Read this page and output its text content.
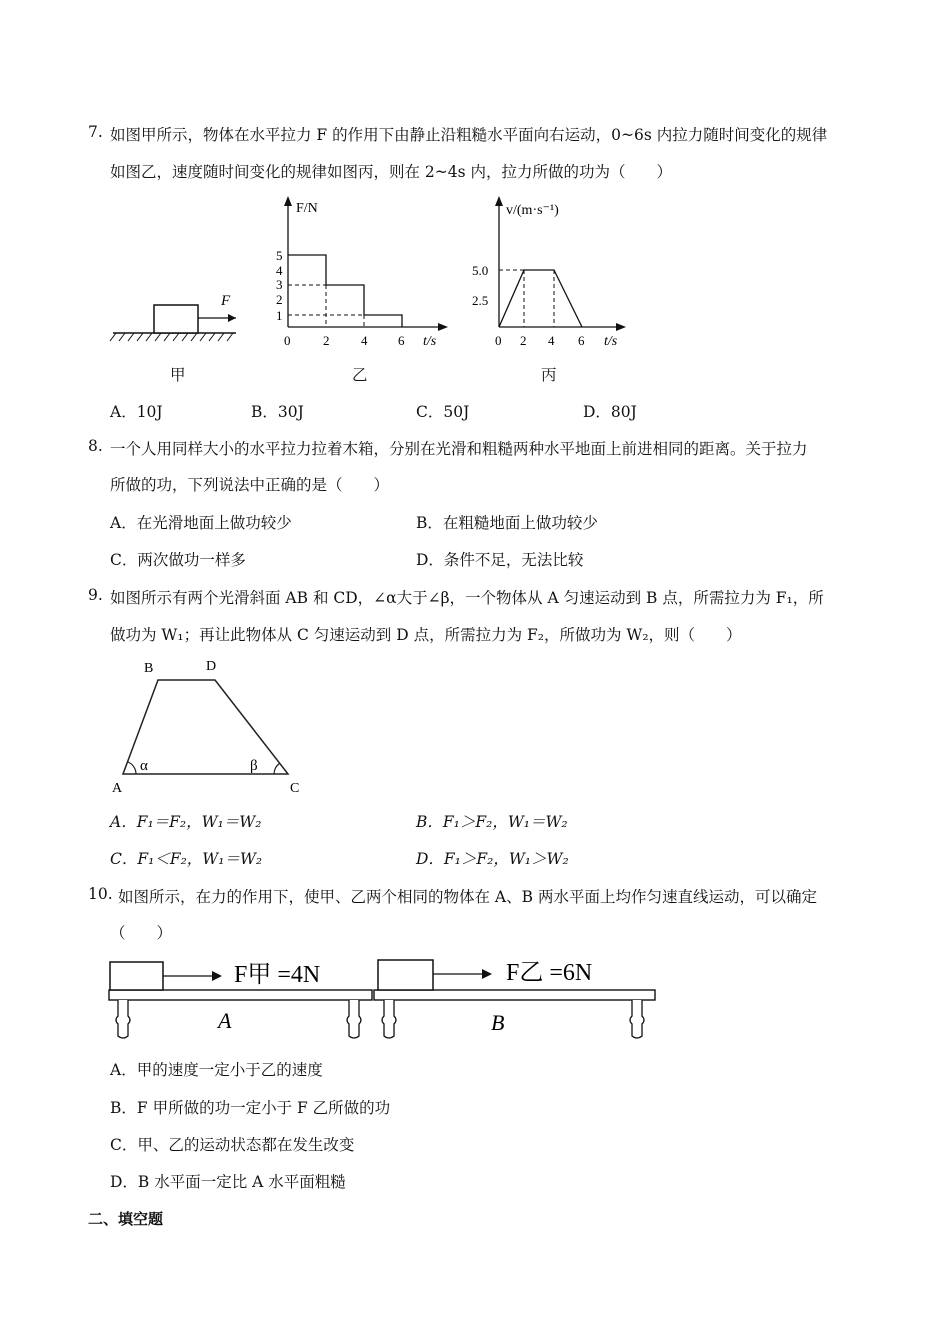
7. 如图甲所示，物体在水平拉力 F 的作用下由静止沿粗糙水平面向右运动，0~6s 内拉力随时间变化的规律
如图乙，速度随时间变化的规律如图丙，则在 2~4s 内，拉力所做的功为（　　）
F
甲
F/N
t/s
5
4
3
2
1
0	2 4 6
乙
v/(m·s⁻¹)
t/s
5.0
2.5
0 2 4 6
丙
A．10J	B．30J	C．50J	D．80J
8. 一个人用同样大小的水平拉力拉着木箱，分别在光滑和粗糙两种水平地面上前进相同的距离。关于拉力
所做的功，下列说法中正确的是（　　）
A．在光滑地面上做功较少	B．在粗糙地面上做功较少
C．两次做功一样多	D．条件不足，无法比较
9. 如图所示有两个光滑斜面 AB 和 CD，∠α大于∠β，一个物体从 A 匀速运动到 B 点，所需拉力为 F₁，所
做功为 W₁；再让此物体从 C 匀速运动到 D 点，所需拉力为 F₂，所做功为 W₂，则（　　）
B	D
A	C
α	β
A．F₁＝F₂，W₁＝W₂	B．F₁＞F₂，W₁＝W₂
C．F₁＜F₂，W₁＝W₂	D．F₁＞F₂，W₁＞W₂
10. 如图所示，在力的作用下，使甲、乙两个相同的物体在 A、B 两水平面上均作匀速直线运动，可以确定
（　　）
F甲 =4N
A
F乙 =6N
B
A．甲的速度一定小于乙的速度
B．F 甲所做的功一定小于 F 乙所做的功
C．甲、乙的运动状态都在发生改变
D．B 水平面一定比 A 水平面粗糙
二、填空题
